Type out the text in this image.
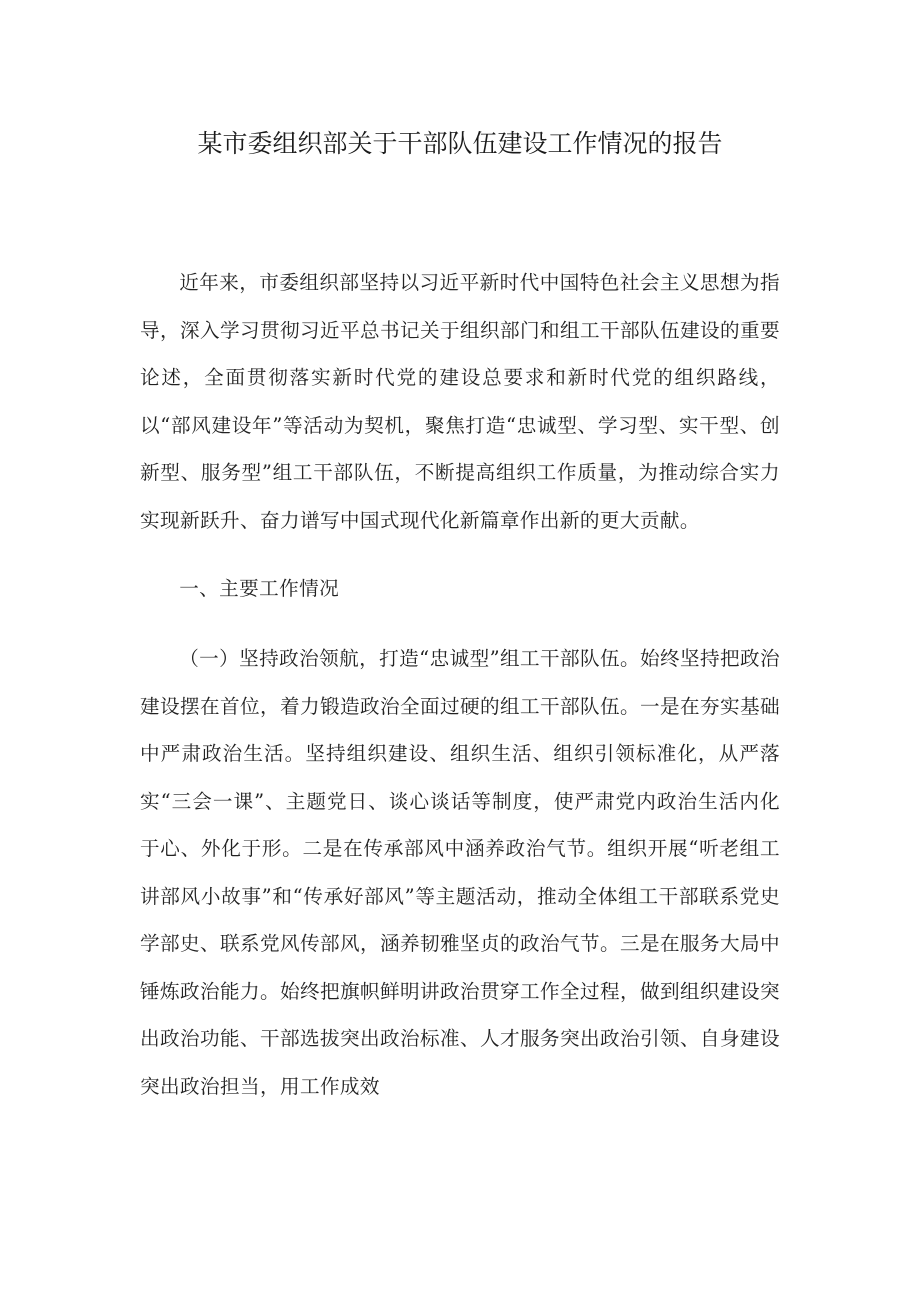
某市委组织部关于干部队伍建设工作情况的报告

近年来，市委组织部坚持以习近平新时代中国特色社会主义思想为指导，深入学习贯彻习近平总书记关于组织部门和组工干部队伍建设的重要论述，全面贯彻落实新时代党的建设总要求和新时代党的组织路线，以“部风建设年”等活动为契机，聚焦打造“忠诚型、学习型、实干型、创新型、服务型”组工干部队伍，不断提高组织工作质量，为推动综合实力实现新跃升、奋力谱写中国式现代化新篇章作出新的更大贡献。

一、主要工作情况

（一）坚持政治领航，打造“忠诚型”组工干部队伍。始终坚持把政治建设摆在首位，着力锻造政治全面过硬的组工干部队伍。一是在夯实基础中严肃政治生活。坚持组织建设、组织生活、组织引领标准化，从严落实“三会一课”、主题党日、谈心谈话等制度，使严肃党内政治生活内化于心、外化于形。二是在传承部风中涵养政治气节。组织开展“听老组工讲部风小故事”和“传承好部风”等主题活动，推动全体组工干部联系党史学部史、联系党风传部风，涵养韧雅坚贞的政治气节。三是在服务大局中锤炼政治能力。始终把旗帜鲜明讲政治贯穿工作全过程，做到组织建设突出政治功能、干部选拔突出政治标准、人才服务突出政治引领、自身建设突出政治担当，用工作成效
